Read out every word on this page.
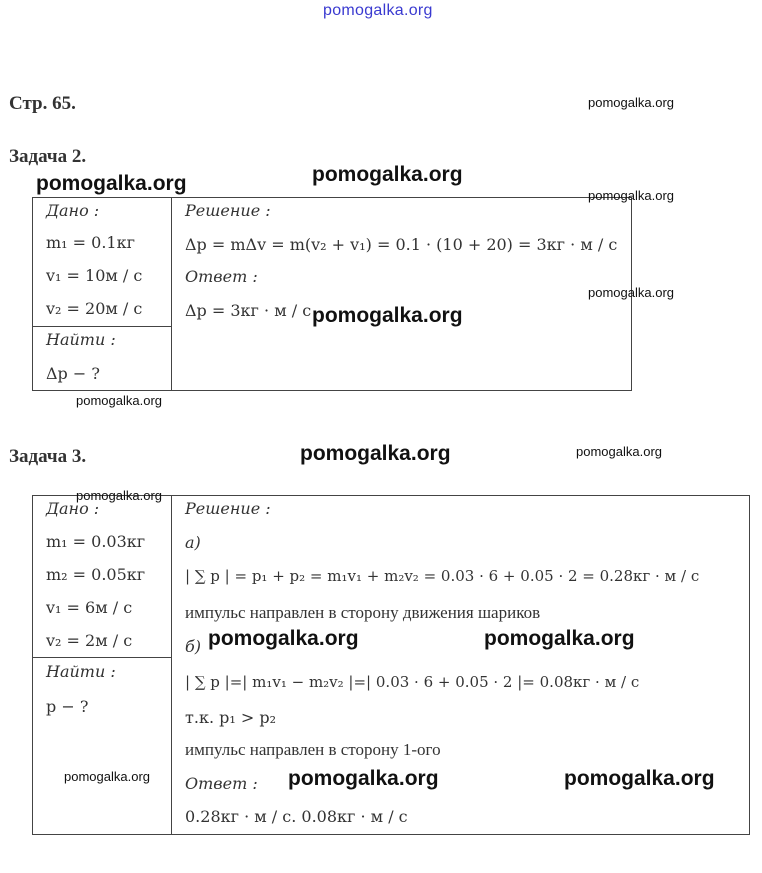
pomogalka.org
Стр. 65.
Задача 2.
Дано :
m₁ = 0.1кг
v₁ = 10м / с
v₂ = 20м / с
Найти :
Δp − ?
Решение :
Δp = mΔv = m(v₂ + v₁) = 0.1 · (10 + 20) = 3кг · м / с
Ответ :
Δp = 3кг · м / с
Задача 3.
Дано :
m₁ = 0.03кг
m₂ = 0.05кг
v₁ = 6м / с
v₂ = 2м / с
Найти :
p − ?
Решение :
а)
| ∑ p | = p₁ + p₂ = m₁v₁ + m₂v₂ = 0.03 · 6 + 0.05 · 2 = 0.28кг · м / с
импульс направлен в сторону движения шариков
б)
| ∑ p |=| m₁v₁ − m₂v₂ |=| 0.03 · 6 + 0.05 · 2 |= 0.08кг · м / с
т.к. p₁ > p₂
импульс направлен в сторону 1-ого
Ответ :
0.28кг · м / с. 0.08кг · м / с
pomogalka.org
pomogalka.org	pomogalka.org
pomogalka.org
pomogalka.org
pomogalka.org
pomogalka.org
pomogalka.org	pomogalka.org
pomogalka.org
pomogalka.org	pomogalka.org
pomogalka.org	pomogalka.org	pomogalka.org
